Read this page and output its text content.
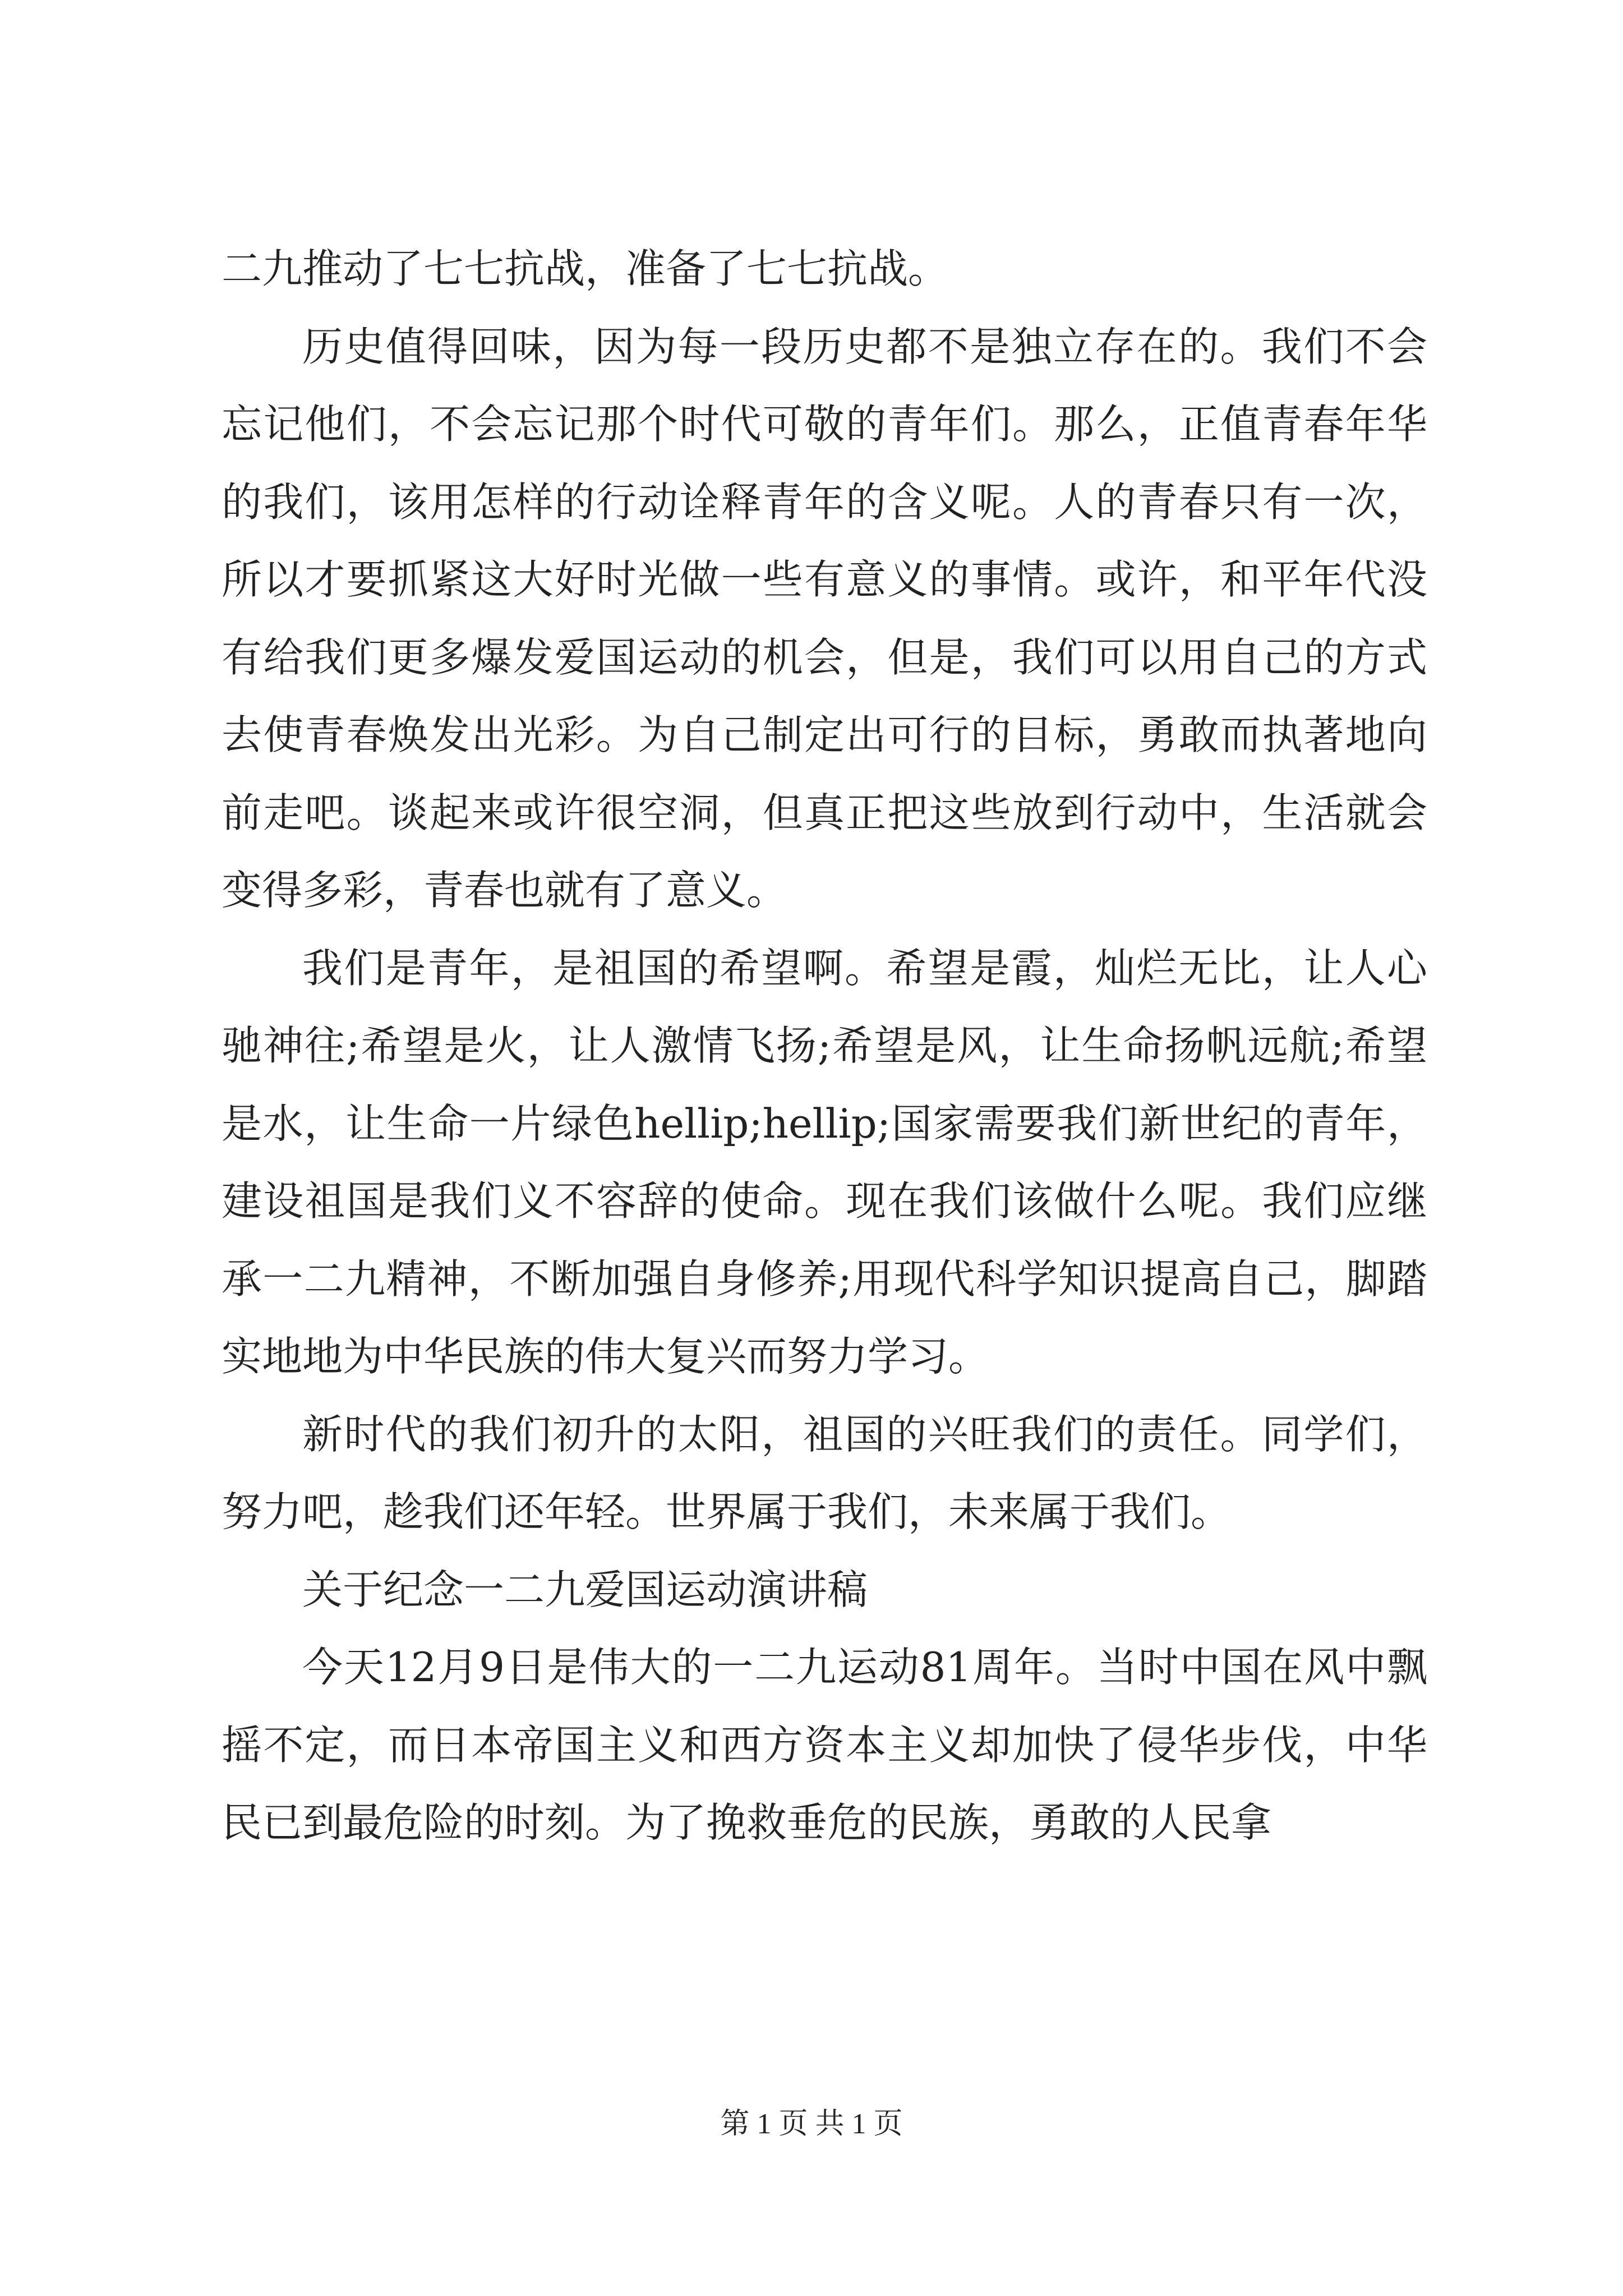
二九推动了七七抗战，准备了七七抗战。

历史值得回味，因为每一段历史都不是独立存在的。我们不会忘记他们，不会忘记那个时代可敬的青年们。那么，正值青春年华的我们，该用怎样的行动诠释青年的含义呢。人的青春只有一次，所以才要抓紧这大好时光做一些有意义的事情。或许，和平年代没有给我们更多爆发爱国运动的机会，但是，我们可以用自己的方式去使青春焕发出光彩。为自己制定出可行的目标，勇敢而执著地向前走吧。谈起来或许很空洞，但真正把这些放到行动中，生活就会变得多彩，青春也就有了意义。

我们是青年，是祖国的希望啊。希望是霞，灿烂无比，让人心驰神往;希望是火，让人激情飞扬;希望是风，让生命扬帆远航;希望是水，让生命一片绿色hellip;hellip;国家需要我们新世纪的青年，建设祖国是我们义不容辞的使命。现在我们该做什么呢。我们应继承一二九精神，不断加强自身修养;用现代科学知识提高自己，脚踏实地地为中华民族的伟大复兴而努力学习。

新时代的我们初升的太阳，祖国的兴旺我们的责任。同学们，努力吧，趁我们还年轻。世界属于我们，未来属于我们。

关于纪念一二九爱国运动演讲稿

今天12月9日是伟大的一二九运动81周年。当时中国在风中飘摇不定，而日本帝国主义和西方资本主义却加快了侵华步伐，中华民已到最危险的时刻。为了挽救垂危的民族，勇敢的人民拿

第 1 页 共 1 页
